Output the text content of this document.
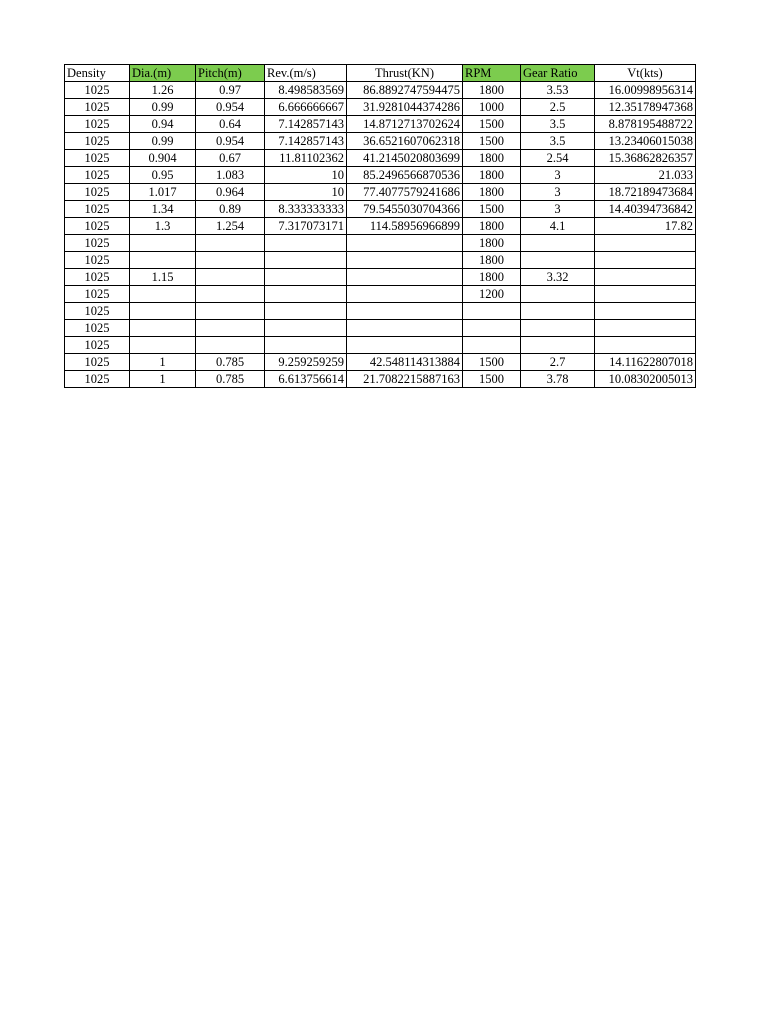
Density	Dia.(m)	Pitch(m)	Rev.(m/s)	Thrust(KN)	RPM	Gear Ratio	Vt(kts)
1025	1.26	0.97	8.498583569	86.8892747594475	1800	3.53	16.00998956314
1025	0.99	0.954	6.666666667	31.9281044374286	1000	2.5	12.35178947368
1025	0.94	0.64	7.142857143	14.8712713702624	1500	3.5	8.878195488722
1025	0.99	0.954	7.142857143	36.6521607062318	1500	3.5	13.23406015038
1025	0.904	0.67	11.81102362	41.2145020803699	1800	2.54	15.36862826357
1025	0.95	1.083	10	85.2496566870536	1800	3	21.033
1025	1.017	0.964	10	77.4077579241686	1800	3	18.72189473684
1025	1.34	0.89	8.333333333	79.5455030704366	1500	3	14.40394736842
1025	1.3	1.254	7.317073171	114.58956966899	1800	4.1	17.82
1025					1800		
1025					1800		
1025	1.15				1800	3.32	
1025					1200		
1025							
1025							
1025							
1025	1	0.785	9.259259259	42.548114313884	1500	2.7	14.11622807018
1025	1	0.785	6.613756614	21.7082215887163	1500	3.78	10.08302005013
